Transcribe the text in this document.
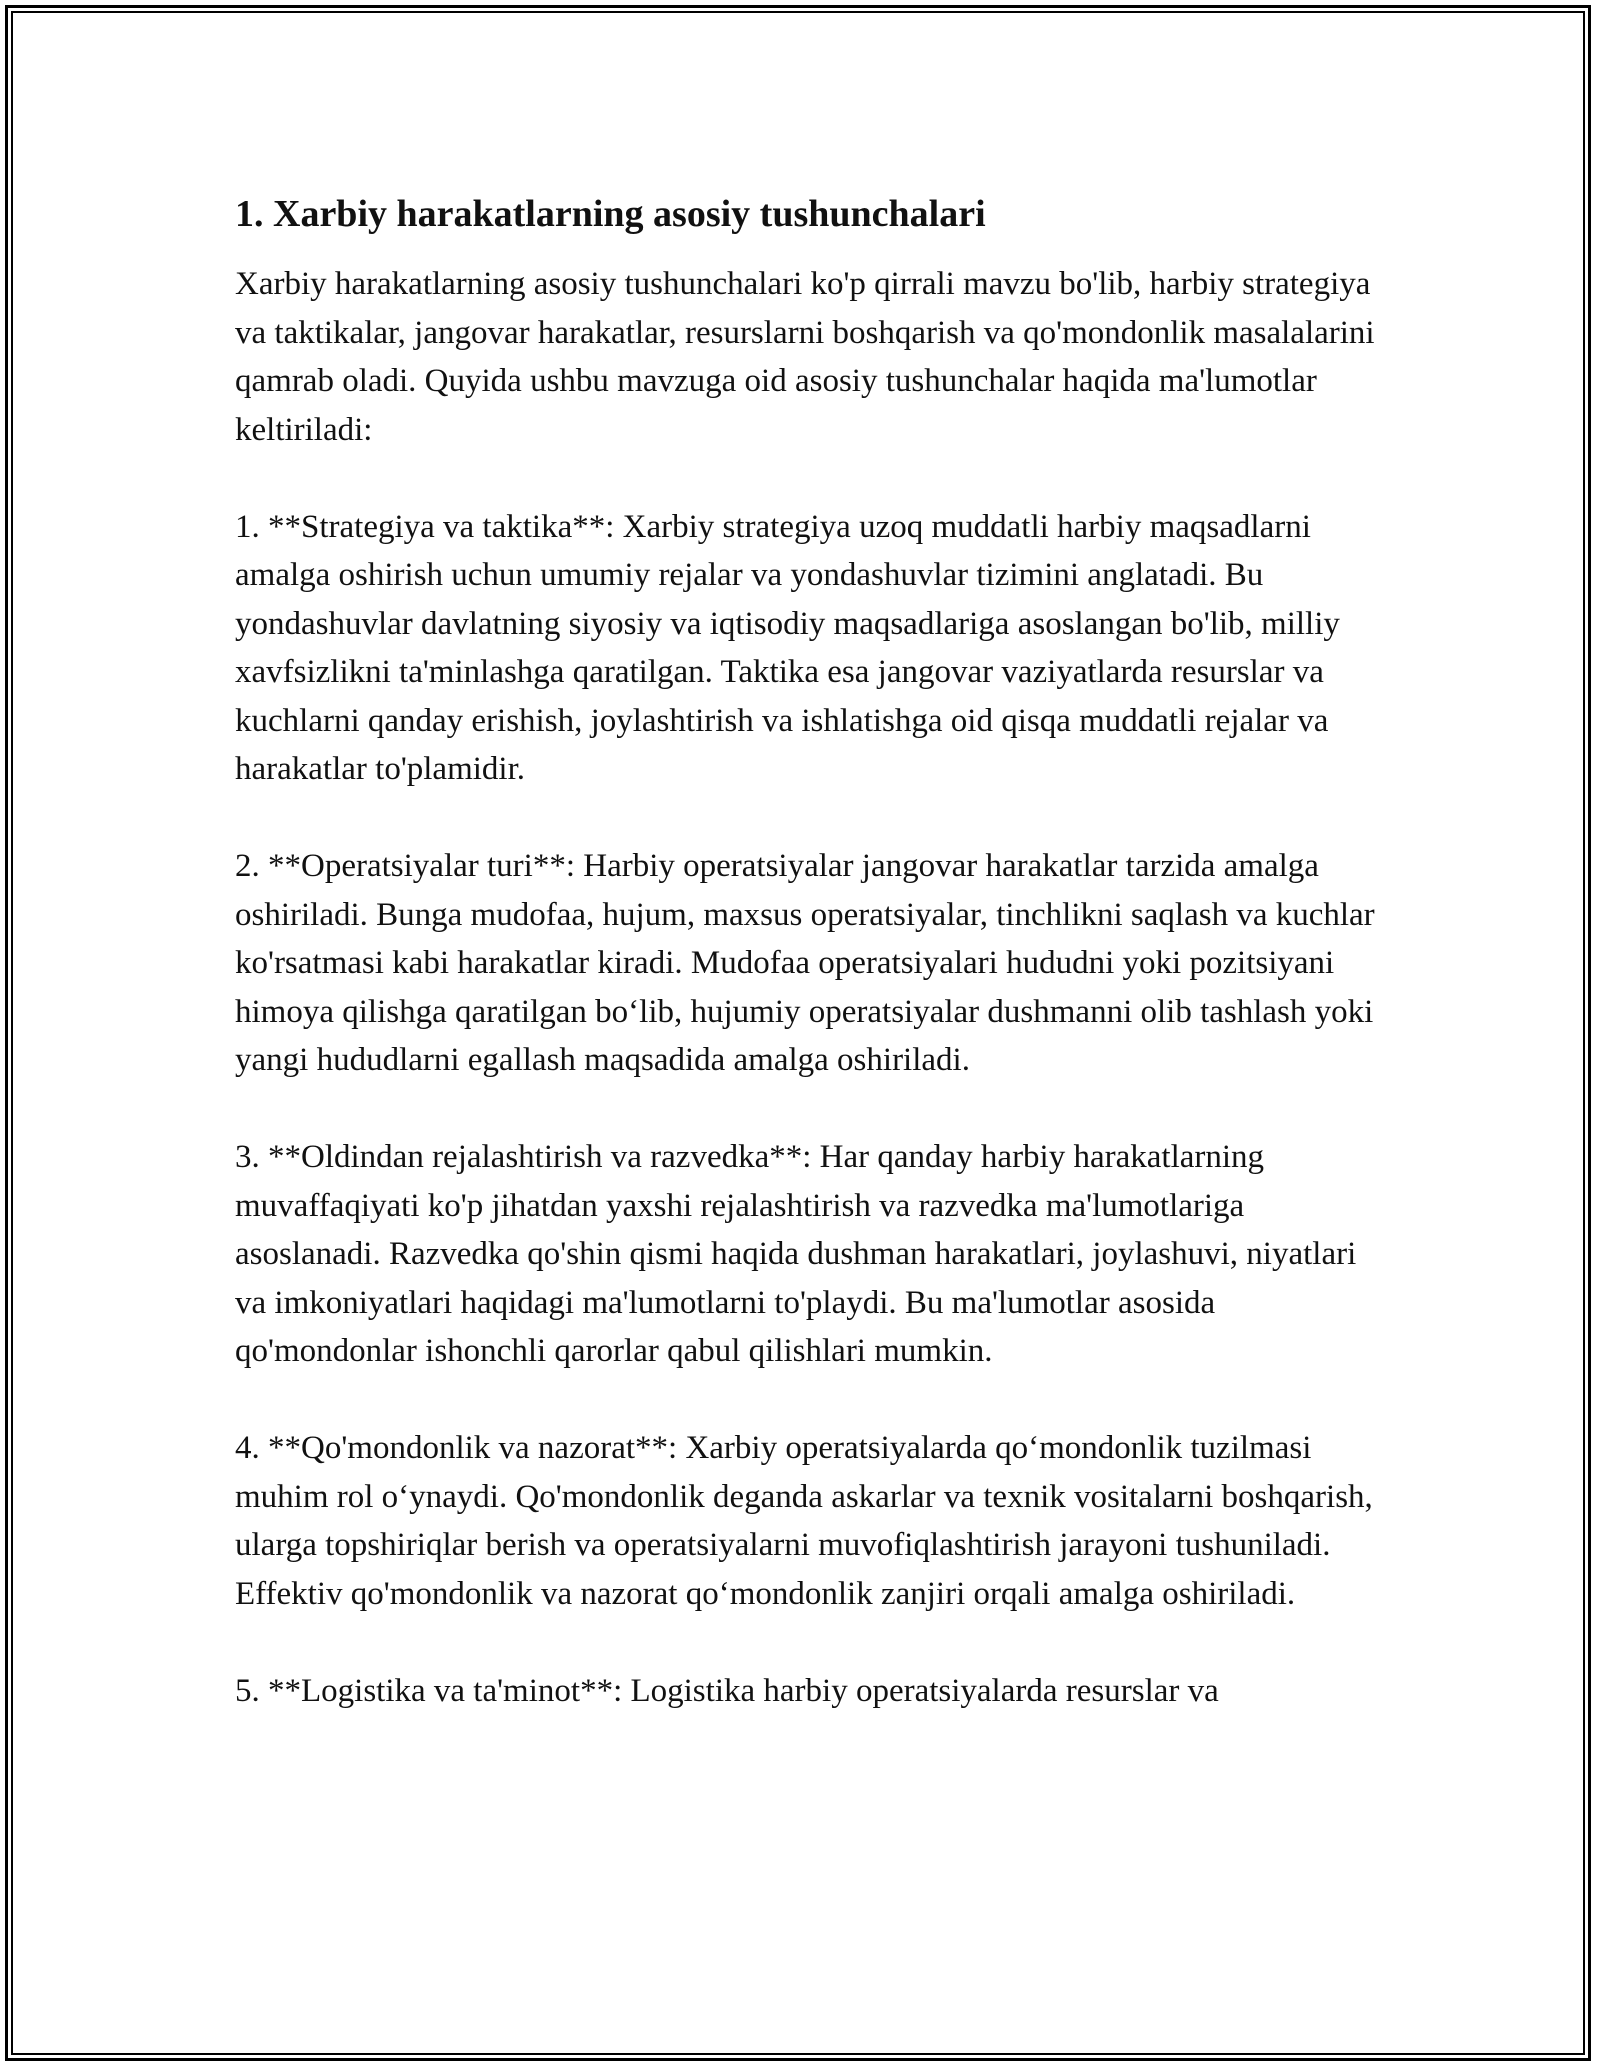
1. Xarbiy harakatlarning asosiy tushunchalari

Xarbiy harakatlarning asosiy tushunchalari ko'p qirrali mavzu bo'lib, harbiy strategiya va taktikalar, jangovar harakatlar, resurslarni boshqarish va qo'mondonlik masalalarini qamrab oladi. Quyida ushbu mavzuga oid asosiy tushunchalar haqida ma'lumotlar keltiriladi:

1. **Strategiya va taktika**: Xarbiy strategiya uzoq muddatli harbiy maqsadlarni amalga oshirish uchun umumiy rejalar va yondashuvlar tizimini anglatadi. Bu yondashuvlar davlatning siyosiy va iqtisodiy maqsadlariga asoslangan bo'lib, milliy xavfsizlikni ta'minlashga qaratilgan. Taktika esa jangovar vaziyatlarda resurslar va kuchlarni qanday erishish, joylashtirish va ishlatishga oid qisqa muddatli rejalar va harakatlar to'plamidir.

2. **Operatsiyalar turi**: Harbiy operatsiyalar jangovar harakatlar tarzida amalga oshiriladi. Bunga mudofaa, hujum, maxsus operatsiyalar, tinchlikni saqlash va kuchlar ko'rsatmasi kabi harakatlar kiradi. Mudofaa operatsiyalari hududni yoki pozitsiyani himoya qilishga qaratilgan bo‘lib, hujumiy operatsiyalar dushmanni olib tashlash yoki yangi hududlarni egallash maqsadida amalga oshiriladi.

3. **Oldindan rejalashtirish va razvedka**: Har qanday harbiy harakatlarning muvaffaqiyati ko'p jihatdan yaxshi rejalashtirish va razvedka ma'lumotlariga asoslanadi. Razvedka qo'shin qismi haqida dushman harakatlari, joylashuvi, niyatlari va imkoniyatlari haqidagi ma'lumotlarni to'playdi. Bu ma'lumotlar asosida qo'mondonlar ishonchli qarorlar qabul qilishlari mumkin.

4. **Qo'mondonlik va nazorat**: Xarbiy operatsiyalarda qo‘mondonlik tuzilmasi muhim rol o‘ynaydi. Qo'mondonlik deganda askarlar va texnik vositalarni boshqarish, ularga topshiriqlar berish va operatsiyalarni muvofiqlashtirish jarayoni tushuniladi. Effektiv qo'mondonlik va nazorat qo‘mondonlik zanjiri orqali amalga oshiriladi.

5. **Logistika va ta'minot**: Logistika harbiy operatsiyalarda resurslar va
